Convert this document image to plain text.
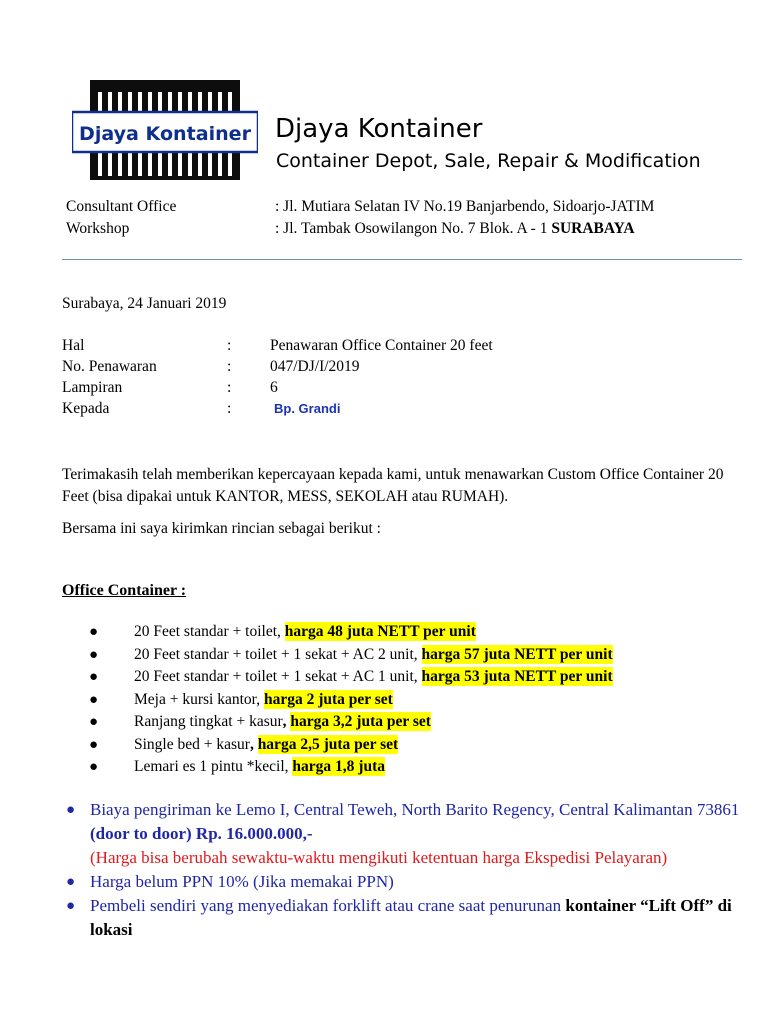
Djaya Kontainer Djaya Kontainer
Container Depot, Sale, Repair & Modification
Consultant Office	: Jl. Mutiara Selatan IV No.19 Banjarbendo, Sidoarjo-JATIM
Workshop	: Jl. Tambak Osowilangon No. 7 Blok. A - 1 SURABAYA
Surabaya, 24 Januari 2019
Hal	: Penawaran Office Container 20 feet
No. Penawaran	: 047/DJ/I/2019
Lampiran	: 6
Kepada	:	Bp. Grandi
Terimakasih telah memberikan kepercayaan kepada kami, untuk menawarkan Custom Office Container 20 Feet (bisa dipakai untuk KANTOR, MESS, SEKOLAH atau RUMAH).
Bersama ini saya kirimkan rincian sebagai berikut :
Office Container :
● 20 Feet standar + toilet, harga 48 juta NETT per unit
● 20 Feet standar + toilet + 1 sekat + AC 2 unit, harga 57 juta NETT per unit
● 20 Feet standar + toilet + 1 sekat + AC 1 unit, harga 53 juta NETT per unit
● Meja + kursi kantor, harga 2 juta per set
● Ranjang tingkat + kasur, harga 3,2 juta per set
● Single bed + kasur, harga 2,5 juta per set
● Lemari es 1 pintu *kecil, harga 1,8 juta
● Biaya pengiriman ke Lemo I, Central Teweh, North Barito Regency, Central Kalimantan 73861 (door to door) Rp. 16.000.000,-
(Harga bisa berubah sewaktu-waktu mengikuti ketentuan harga Ekspedisi Pelayaran)
● Harga belum PPN 10% (Jika memakai PPN)
● Pembeli sendiri yang menyediakan forklift atau crane saat penurunan kontainer “Lift Off” di lokasi
